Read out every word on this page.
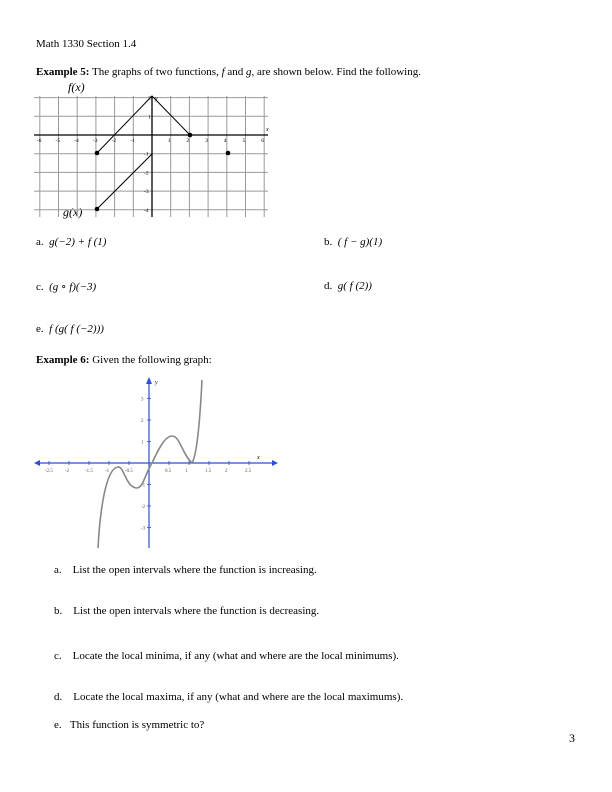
Math 1330 Section 1.4
Example 5: The graphs of two functions, f and g, are shown below. Find the following.
f(x)
g(x)
-6	-5	-4	-3	-2	-1	1	2	3	4	5	6
1
2
-1
-2
-3
-4
x
y
a. g(−2) + f (1)	b. ( f − g)(1)
c. (g ∘ f)(−3)	d. g( f (2))
e. f (g( f (−2)))
Example 6: Given the following graph:
-2.5 -2	-1.5 -1	-0.5	0.5	1	1.5	2	2.5
3
2
1
-1
-2
-3
x
y
a. List the open intervals where the function is increasing.
b. List the open intervals where the function is decreasing.
c. Locate the local minima, if any (what and where are the local minimums).
d. Locate the local maxima, if any (what and where are the local maximums).
e. This function is symmetric to?
3
